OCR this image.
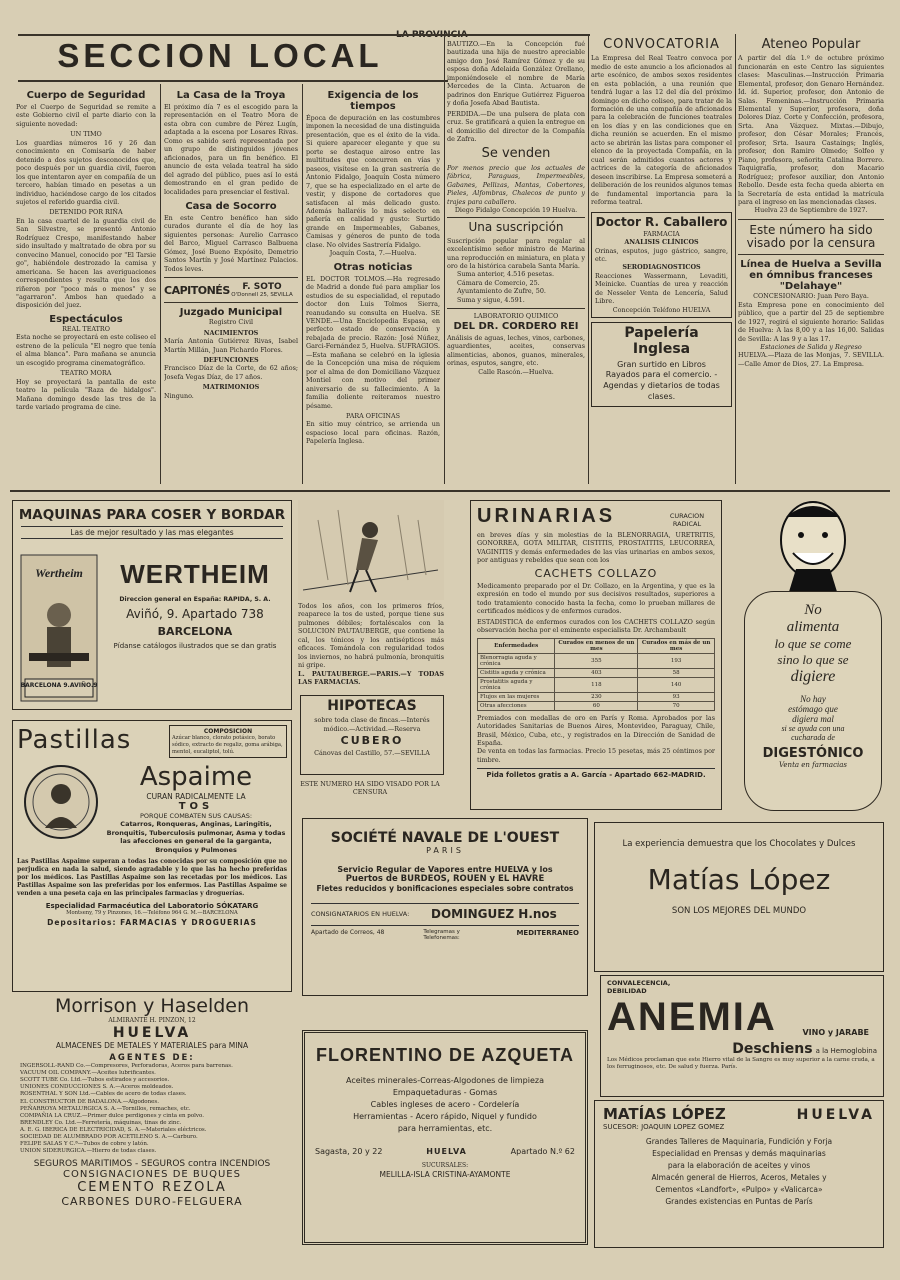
SECCION LOCAL
Cuerpo de Seguridad
Por el Cuerpo de Seguridad se remite a este Gobierno civil el parte diario con la siguiente novedad:
UN TIMO
Los guardias números 16 y 26 dan conocimiento en Comisaría de haber detenido a dos sujetos desconocidos que, poco después por un guardia civil, fueron los que intentaron ayer en compañía de un tercero, habían timado en pesetas a un individuo, haciéndose cargo de los citados sujetos el referido guardia civil.
DETENIDO POR RIÑA
En la casa cuartel de la guardia civil de San Silvestre, se presentó Antonio Rodríguez Crespo, manifestando haber sido insultado y maltratado de obra por su convecino Manuel, conocido por "El Tarsie go", habiéndole destrozado la camisa y americana. Se hacen las averiguaciones correspondientes y resulta que los dos riñeron por "poco más o menos" y se "agarraron". Ambos han quedado a disposición del juez.
Espectáculos
REAL TEATRO
Esta noche se proyectará en este coliseo el estreno de la película "El negro que tenía el alma blanca". Para mañana se anuncia un escogido programa cinematográfico.
TEATRO MORA
Hoy se proyectará la pantalla de este teatro la película "Raza de hidalgos". Mañana domingo desde las tres de la tarde variado programa de cine.
La Casa de la Troya
El próximo día 7 es el escogido para la representación en el Teatro Mora de esta obra con cumbre de Pérez Lugín, adaptada a la escena por Losares Rivas. Como es sabido será representada por un grupo de distinguidos jóvenes aficionados, para un fin benéfico. El anuncio de esta velada teatral ha sido del agrado del público, pues así lo está demostrando en el gran pedido de localidades para presenciar el festival.
Casa de Socorro
En este Centro benéfico han sido curados durante el día de hoy las siguientes personas: Aurelio Carrasco del Barco, Miguel Carrasco Balbuena Gómez, José Bueno Expósito, Demetrio Santos Martín y José Martínez Palacios. Todos leves.
CAPITONÉS	F. SOTO
O'Donnell 25, SEVILLA
Juzgado Municipal
Registro Civil
NACIMIENTOS
María Antonia Gutiérrez Rivas, Isabel Martín Millán, Juan Pichardo Flores.
DEFUNCIONES
Francisco Díaz de la Corte, de 62 años; Josefa Vegas Díaz, de 17 años.
MATRIMONIOS
Ninguno.
Exigencia de los tiempos
Época de depuración en las costumbres imponen la necesidad de una distinguida presentación, que es el éxito de la vida. Si quiere aparecer elegante y que su porte se destaque airoso entre las multitudes que concurren en vías y paseos, visítese en la gran sastrería de Antonio Fidalgo, Joaquín Costa número 7, que se ha especializado en el arte de vestir, y dispone de cortadores que satisfacen al más delicado gusto. Además hallaréis lo más selecto en pañería en calidad y gusto: Surtido grande en Impermeables, Gabanes, Camisas y géneros de punto de toda clase. No olvides Sastrería Fidalgo.
Joaquín Costa, 7.—Huelva.
Otras noticias
EL DOCTOR TOLMOS.—Ha regresado de Madrid a donde fué para ampliar los estudios de su especialidad, el reputado doctor don Luis Tolmos Sierra, reanudando su consulta en Huelva. SE VENDE.—Una Enciclopedia Espasa, en perfecto estado de conservación y rebajada de precio. Razón: José Núñez, Garci-Fernández 5, Huelva. SUFRAGIOS.—Esta mañana se celebró en la iglesia de la Concepción una misa de réquiem por el alma de don Domiciliano Vázquez Montiel con motivo del primer aniversario de su fallecimiento. A la familia doliente reiteramos nuestro pésame.
PARA OFICINAS
En sitio muy céntrico, se arrienda un espacioso local para oficinas. Razón, Papelería Inglesa.
BAUTIZO.—En la Concepción fué bautizada una hija de nuestro apreciable amigo don José Ramírez Gómez y de su esposa doña Adelaida González Orellano, imponiéndosele el nombre de María Mercedes de la Cinta. Actuaron de padrinos don Enrique Gutiérrez Figueroa y doña Josefa Abad Bautista.
PERDIDA.—De una pulsera de plata con cruz. Se gratificará a quien la entregue en el domicilio del director de la Compañía de Zafra.
Se venden
Por menos precio que los actuales de fábrica, Paraguas, Impermeables, Gabanes, Pellizas, Mantas, Cobertores, Pieles, Alfombras, Chalecos de punto y trajes para caballero.
Diego Fidalgo Concepción 19 Huelva.
Una suscripción
Suscripción popular para regalar al excelentísimo señor ministro de Marina una reproducción en miniatura, en plata y oro de la histórica carabela Santa María.
Suma anterior, 4.516 pesetas.
Cámara de Comercio, 25.
Ayuntamiento de Zufre, 50.
Suma y sigue, 4.591.
LABORATORIO QUIMICO
DEL DR. CORDERO REI
Análisis de aguas, leches, vinos, carbones, aguardientes, aceites, conservas alimenticias, abonos, guanos, minerales, orinas, esputos, sangre, etc.
Calle Rascón.—Huelva.
CONVOCATORIA
La Empresa del Real Teatro convoca por medio de este anuncio a los aficionados al arte escénico, de ambos sexos residentes en esta población, a una reunión que tendrá lugar a las 12 del día del próximo domingo en dicho coliseo, para tratar de la formación de una compañía de aficionados para la celebración de funciones teatrales en los días y en las condiciones que en dicha reunión se acuerden. En el mismo acto se abrirán las listas para componer el elenco de la proyectada Compañía, en la cual serán admitidos cuantos actores y actrices de la categoría de aficionados deseen inscribirse. La Empresa someterá a deliberación de los reunidos algunos temas de fundamental importancia para la reforma teatral.
Doctor R. Caballero
FARMACIA
ANALISIS CLÍNICOS
Orinas, esputos, jugo gástrico, sangre, etc.
SERODIAGNOSTICOS
Reacciones Wassermann, Levaditi, Meinicke. Cuantías de urea y reacción de Nesseler Venta de Lencería, Salud Libre.
Concepción Teléfono HUELVA
Papelería Inglesa
Gran surtido en Libros
Rayados para el comercio. - Agendas y dietarios de todas clases.
Ateneo Popular
A partir del día 1.º de octubre próximo funcionarán en este Centro las siguientes clases: Masculinas.—Instrucción Primaria Elemental, profesor, don Genaro Hernández. Íd. íd. Superior, profesor, don Antonio de Salas. Femeninas.—Instrucción Primaria Elemental y Superior, profesora, doña Dolores Díaz. Corte y Confección, profesora, Srta. Ana Vázquez. Mixtas.—Dibujo, profesor, don César Morales; Francés, profesor, Srta. Isaura Castaings; Inglés, profesor, don Ramiro Olmedo; Solfeo y Piano, profesora, señorita Catalina Borrero. Taquigrafía, profesor, don Macario Rodríguez; profesor auxiliar, don Antonio Rebollo. Desde esta fecha queda abierta en la Secretaría de esta entidad la matrícula para el ingreso en las mencionadas clases.
Huelva 23 de Septiembre de 1927.
Este número ha sido visado por la censura
Línea de Huelva a Sevilla en ómnibus franceses "Delahaye"
CONCESIONARIO: Juan Pero Baya.
Esta Empresa pone en conocimiento del público, que a partir del 25 de septiembre de 1927, regirá el siguiente horario: Salidas de Huelva: A las 8,00 y a las 16,00. Salidas de Sevilla: A las 9 y a las 17.
Estaciones de Salida y Regreso
HUELVA.—Plaza de las Monjas, 7. SEVILLA.—Calle Amor de Dios, 27. La Empresa.
MAQUINAS PARA COSER Y BORDAR
Las de mejor resultado y las mas elegantes
Wertheim
BARCELONA 9.AVIÑO.9
WERTHEIM
Direccion general en España: RAPIDA, S. A.
Aviñó, 9. Apartado 738
BARCELONA
Pídanse catálogos ilustrados que se dan gratis
Todos los años, con los primeros fríos, reaparece la tos de usted, porque tiene sus pulmones débiles; fortaléscalos con la SOLUCION PAUTAUBERGE, que contiene la cal, los tónicos y los antisépticos más eficaces. Tomándola con regularidad todos los inviernos, no habrá pulmonía, bronquitis ni gripe.
L. PAUTAUBERGE.—PARIS.—Y TODAS LAS FARMACIAS.
HIPOTECAS
sobre toda clase de fincas.—Interés módico.—Actividad.—Reserva
CUBERO
Cánovas del Castillo, 57.—SEVILLA
ESTE NUMERO HA SIDO VISADO POR LA CENSURA
URINARIAS	CURACION RADICAL
en breves días y sin molestias de la BLENORRAGIA, URETRITIS, GONORREA, GOTA MILITAR, CISTITIS, PROSTATITIS, LEUCORREA, VAGINITIS y demás enfermedades de las vías urinarias en ambos sexos, por antiguas y rebeldes que sean con los
CACHETS COLLAZO
Medicamento preparado por el Dr. Collazo, en la Argentina, y que es la expresión en todo el mundo por sus decisivos resultados, superiores a todo tratamiento conocido hasta la fecha, como lo prueban millares de certificados médicos y de enfermos curados.
ESTADISTICA de enfermos curados con los CACHETS COLLAZO según observación hecha por el eminente especialista Dr. Archambault
Enfermedades	Curados en menos de un mes	Curados en más de un mes
Blenorragia aguda y crónica	355	193
Cistitis aguda y crónica	403	58
Prostatitis aguda y crónica	118	140
Flujos en las mujeres	230	93
Otras afecciones	60	70
Premiados con medallas de oro en París y Roma. Aprobados por las Autoridades Sanitarias de Buenos Aires, Montevideo, Paraguay, Chile, Brasil, México, Cuba, etc., y registrados en la Dirección de Sanidad de España.
De venta en todas las farmacias. Precio 15 pesetas, más 25 céntimos por timbre.
Pida folletos gratis a A. García - Apartado 662-MADRID.
No
alimenta
lo que se come
sino lo que se
digiere
No hay
estómago que
digiera mal
si se ayuda con una
cucharada de
DIGESTÓNICO
Venta en farmacias
Pastillas	COMPOSICION
Azúcar blanco, clorato potásico, borato sódico, extracto de regaliz, goma arábiga, mentol, eucaliptol, tolú.
Aspaime
CURAN RADICALMENTE LA
TOS
PORQUE COMBATEN SUS CAUSAS:
Catarros, Ronqueras, Anginas, Laringitis, Bronquitis, Tuberculosis pulmonar, Asma y todas las afecciones en general de la garganta, Bronquios y Pulmones
Las Pastillas Aspaime superan a todas las conocidas por su composición que no perjudica en nada la salud, siendo agradable y lo que las ha hecho preferidas por los médicos. Las Pastillas Aspaime son las recetadas por los médicos. Las Pastillas Aspaime son las preferidas por los enfermos. Las Pastillas Aspaime se venden a una peseta caja en las principales farmacias y droguerías.
Especialidad Farmacéutica del Laboratorio SÓKATARG
Montseny, 79 y Pinzones, 16.—Teléfono 964 G. M.—BARCELONA
Depositarios: FARMACIAS Y DROGUERIAS
SOCIÉTÉ NAVALE DE L'OUEST
PARIS
Servicio Regular de Vapores entre HUELVA y los
Puertos de BURDEOS, ROUEN y EL HAVRE
Fletes reducidos y bonificaciones especiales sobre contratos
CONSIGNATARIOS EN HUELVA:	DOMINGUEZ H.nos
Apartado de Correos, 48	Telegramas y Telefonemas:
MEDITERRANEO
La experiencia demuestra que los Chocolates y Dulces
Matías López
SON LOS MEJORES DEL MUNDO
Morrison y Haselden
ALMIRANTE H. PINZON, 12
HUELVA
ALMACENES DE METALES Y MATERIALES para MINA
AGENTES DE:
INGERSOLL-RAND Co.—Compresores, Perforadoras, Aceros para barrenas.
VACUUM OIL COMPANY.—Aceites lubrificantes.
SCOTT TUBE Co. Ltd.—Tubos estirados y accesorios.
UNIONES CONDUCCIONES S. A.—Aceros moldeados.
ROSENTHAL Y SON Ltd.—Cables de acero de todas clases.
EL CONSTRUCTOR DE BADALONA.—Algodones.
PEÑARROYA METALURGICA S. A.—Tornillos, remaches, etc.
COMPAÑIA LA CRUZ.—Primer dulce perdigones y cinta en polvo.
BRENDLEY Co. Ltd.—Ferretería, máquinas, tinas de zinc.
A. E. G. IBERICA DE ELECTRICIDAD, S. A.—Materiales eléctricos.
SOCIEDAD DE ALUMBRADO POR ACETILENO S. A.—Carburo.
FELIPE SALAS Y C.ª—Tubos de cobre y latón.
UNION SIDERURGICA.—Hierro de todas clases.
SEGUROS MARITIMOS - SEGUROS contra INCENDIOS
CONSIGNACIONES DE BUQUES
CEMENTO REZOLA
CARBONES DURO-FELGUERA
FLORENTINO DE AZQUETA
Aceites minerales-Correas-Algodones de limpieza
Empaquetaduras - Gomas
Cables ingleses de acero - Cordelería
Herramientas - Acero rápido, Niquel y fundido
para herramientas, etc.
Sagasta, 20 y 22	HUELVA	Apartado N.º 62
SUCURSALES:
MELILLA-ISLA CRISTINA-AYAMONTE
CONVALECENCIA, DEBILIDAD
ANEMIA	VINO y JARABE
Deschiens a la Hemoglobina
Los Médicos proclaman que este Hierro vital de la Sangre es muy superior a la carne cruda, a los ferruginosos, etc. De salud y fuerza. París.
MATÍAS LÓPEZ	HUELVA
SUCESOR: JOAQUIN LOPEZ GOMEZ
Grandes Talleres de Maquinaria, Fundición y Forja
Especialidad en Prensas y demás maquinarias
para la elaboración de aceites y vinos
Almacén general de Hierros, Aceros, Metales y
Cementos «Landfort», «Pulpo» y «Valicarca»
Grandes existencias en Puntas de París
